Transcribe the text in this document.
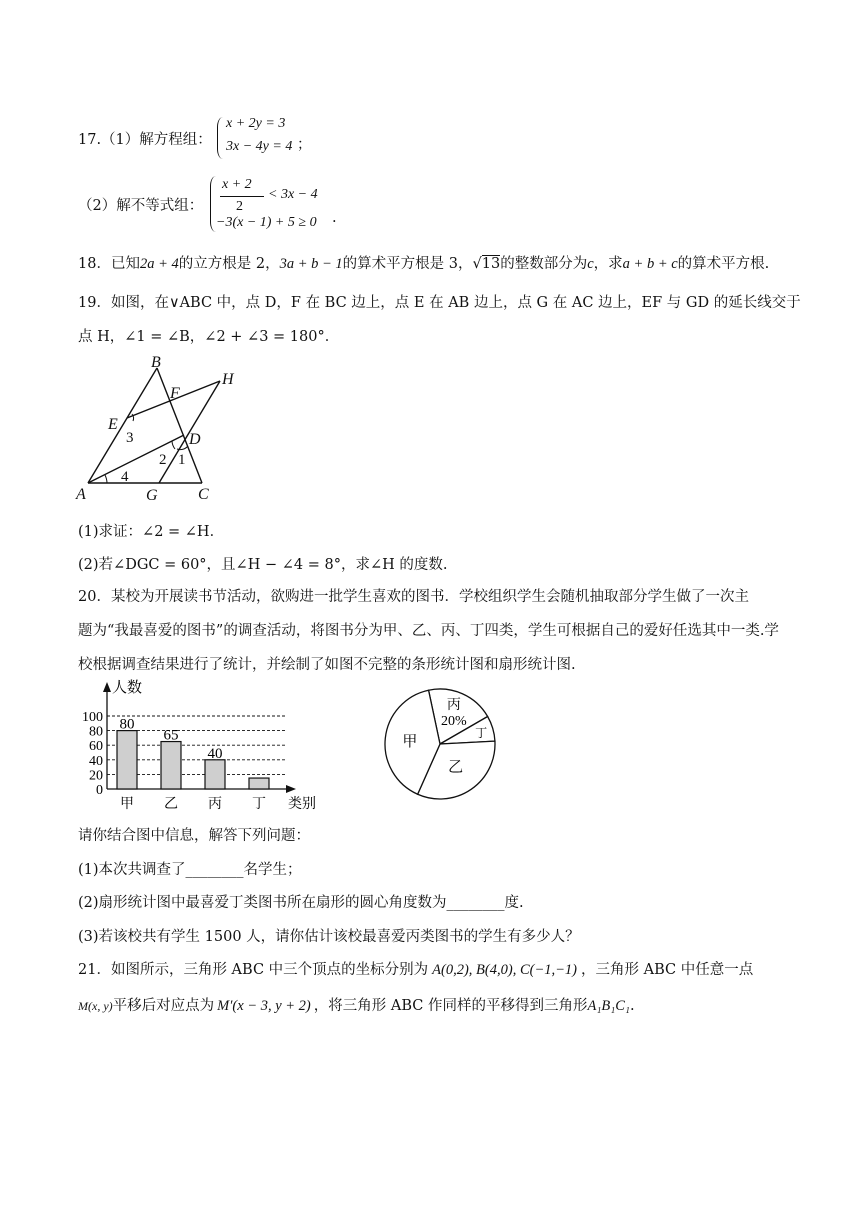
17.（1）解方程组：
x + 2y = 3
3x − 4y = 4 ；
（2）解不等式组：
x + 2
2
< 3x − 4
−3(x − 1) + 5 ≥ 0 .
18．已知2a + 4的立方根是 2，3a + b − 1的算术平方根是 3，√13的整数部分为c，求a + b + c的算术平方根.
19．如图，在∨ABC 中，点 D，F 在 BC 边上，点 E 在 AB 边上，点 G 在 AC 边上，EF 与 GD 的延长线交于
点 H，∠1 = ∠B，∠2 + ∠3 = 180°．
B
H
F
E
D
A	G	C
3
2 1
4
(1)求证：∠2 = ∠H．
(2)若∠DGC = 60°，且∠H − ∠4 = 8°，求∠H 的度数.
20．某校为开展读书节活动，欲购进一批学生喜欢的图书．学校组织学生会随机抽取部分学生做了一次主
题为“我最喜爱的图书”的调查活动，将图书分为甲、乙、丙、丁四类，学生可根据自己的爱好任选其中一类.学
校根据调查结果进行了统计，并绘制了如图不完整的条形统计图和扇形统计图.
0
20
40
60
80
100 80
65
40
甲 乙 丙 丁
人数
类别
甲
乙
丙
20%
丁
请你结合图中信息，解答下列问题：
(1)本次共调查了________名学生；
(2)扇形统计图中最喜爱丁类图书所在扇形的圆心角度数为________度.
(3)若该校共有学生 1500 人，请你估计该校最喜爱丙类图书的学生有多少人？
21．如图所示，三角形 ABC 中三个顶点的坐标分别为 A(0,2), B(4,0), C(−1,−1) ，三角形 ABC 中任意一点
M(x, y)平移后对应点为 M′(x − 3, y + 2) ，将三角形 ABC 作同样的平移得到三角形A₁B₁C₁.
